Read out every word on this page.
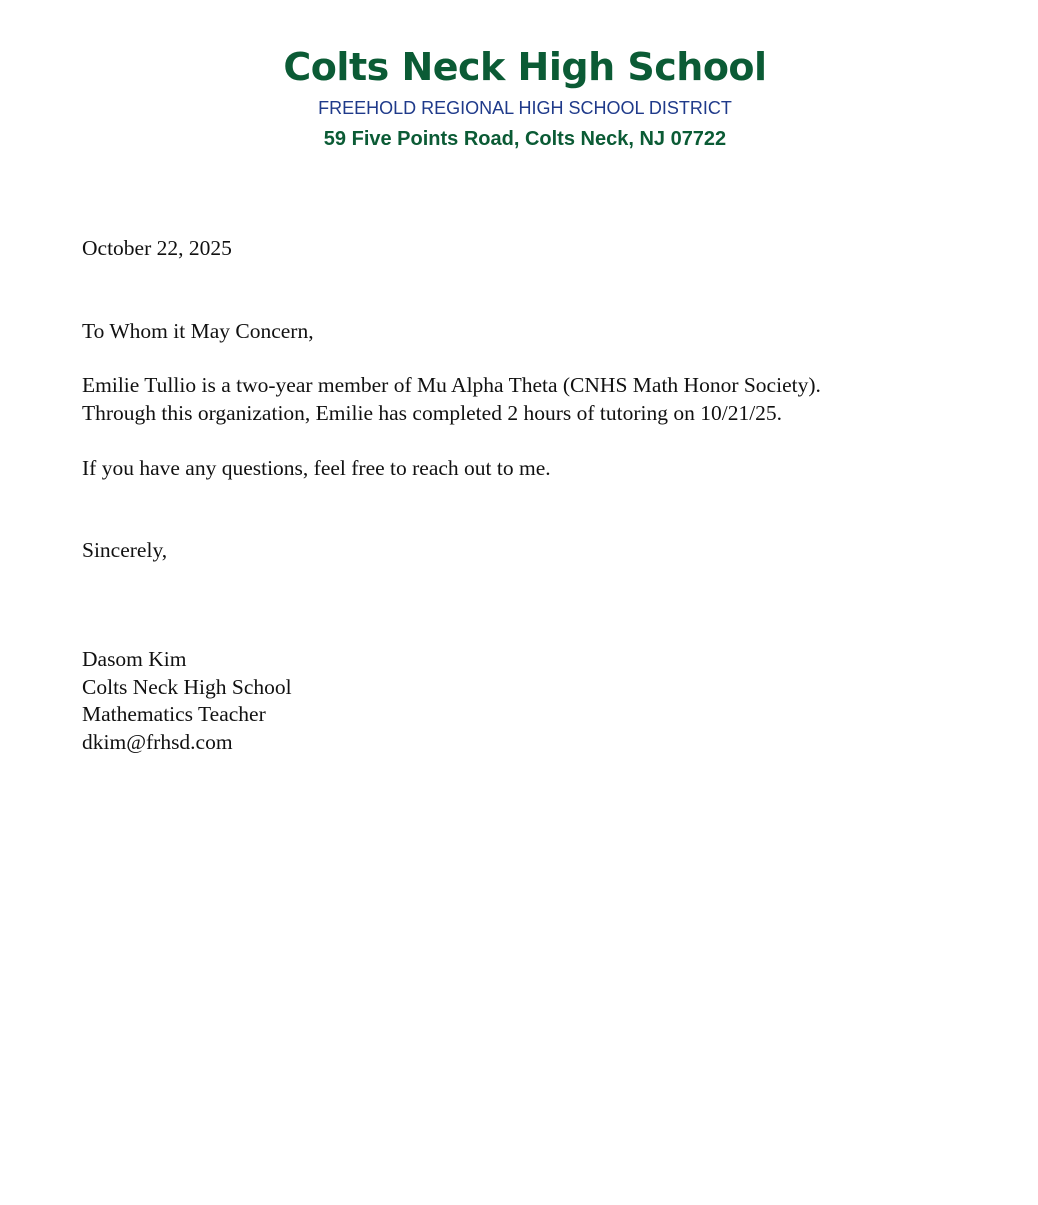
Colts Neck High School
FREEHOLD REGIONAL HIGH SCHOOL DISTRICT
59 Five Points Road, Colts Neck, NJ 07722

October 22, 2025

To Whom it May Concern,

Emilie Tullio is a two-year member of Mu Alpha Theta (CNHS Math Honor Society).
Through this organization, Emilie has completed 2 hours of tutoring on 10/21/25.

If you have any questions, feel free to reach out to me.

Sincerely,

Dasom Kim
Colts Neck High School
Mathematics Teacher
dkim@frhsd.com
